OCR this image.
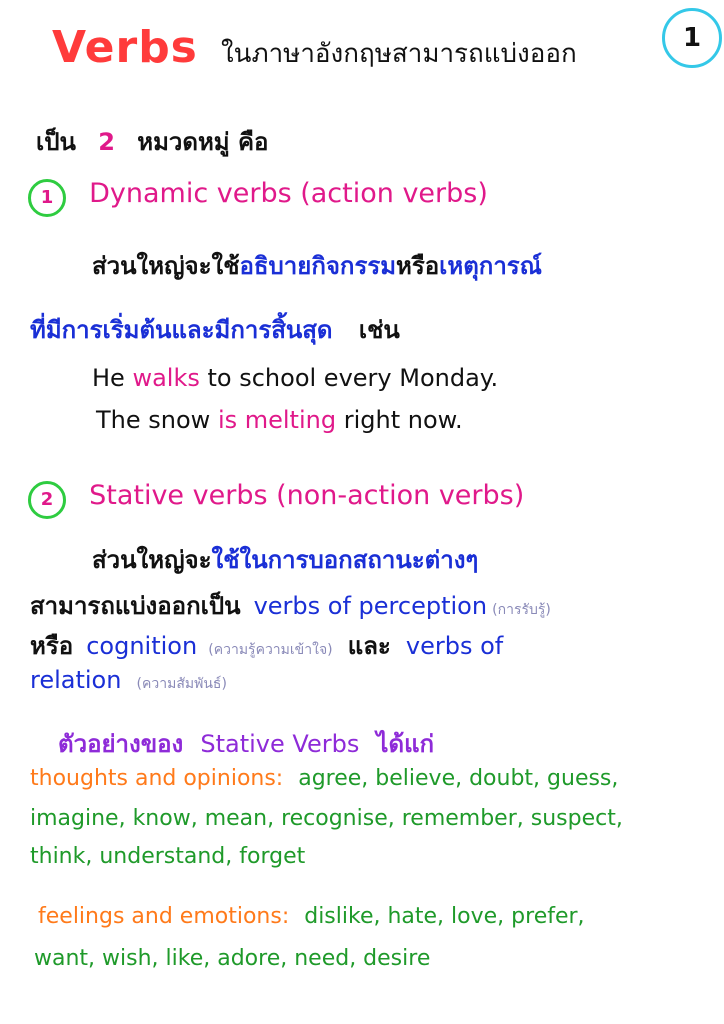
Verbs ในภาษาอังกฤษสามารถแบ่งออก
1
เป็น 2 หมวดหมู่ คือ
1 Dynamic verbs (action verbs)
ส่วนใหญ่จะใช้อธิบายกิจกรรมหรือเหตุการณ์
ที่มีการเริ่มต้นและมีการสิ้นสุด เช่น
He walks to school every Monday.
The snow is melting right now.
2 Stative verbs (non-action verbs)
ส่วนใหญ่จะใช้ในการบอกสถานะต่างๆ
สามารถแบ่งออกเป็น verbs of perception (การรับรู้)
หรือ cognition (ความรู้ความเข้าใจ) และ verbs of
relation (ความสัมพันธ์)
ตัวอย่างของ Stative Verbs ได้แก่
thoughts and opinions: agree, believe, doubt, guess,
imagine, know, mean, recognise, remember, suspect,
think, understand, forget
feelings and emotions: dislike, hate, love, prefer,
want, wish, like, adore, need, desire
